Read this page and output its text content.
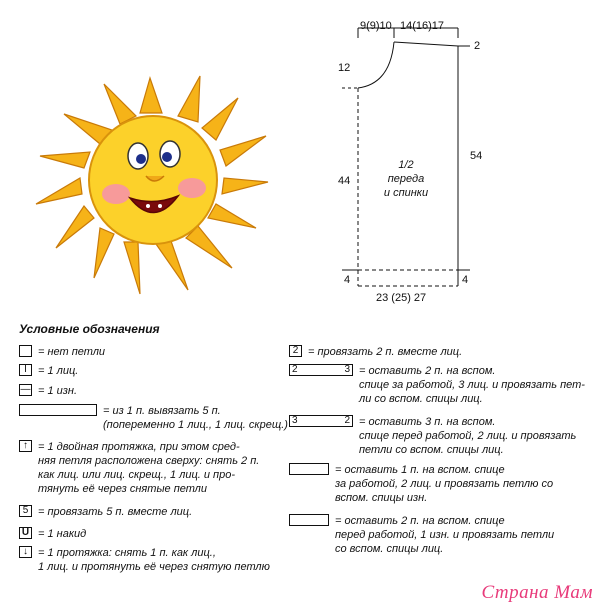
9(9)10 14(16)17
2
12
44
54
4	4
23 (25) 27
1/2
переда
и спинки
Условные обозначения
= нет петли
I	= 1 лиц.
— = 1 изн.
= из 1 п. вывязать 5 п.
(попеременно 1 лиц., 1 лиц. скрещ.)
↑ = 1 двойная протяжка, при этом сред-
няя петля расположена сверху: снять 2 п.
как лиц. или лиц. скрещ., 1 лиц. и про-
тянуть её через снятые петли
5 = провязать 5 п. вместе лиц.
U = 1 накид
↓ = 1 протяжка: снять 1 п. как лиц.,
1 лиц. и протянуть её через снятую петлю
2 = провязать 2 п. вместе лиц.
2	3 = оставить 2 п. на вспом.
спице за работой, 3 лиц. и провязать пет-
ли со вспом. спицы лиц.
3	2 = оставить 3 п. на вспом.
спице перед работой, 2 лиц. и провязать
петли со вспом. спицы лиц.
= оставить 1 п. на вспом. спице
за работой, 2 лиц. и провязать петлю со
вспом. спицы изн.
= оставить 2 п. на вспом. спице
перед работой, 1 изн. и провязать петли
со вспом. спицы лиц.
Страна Мам
